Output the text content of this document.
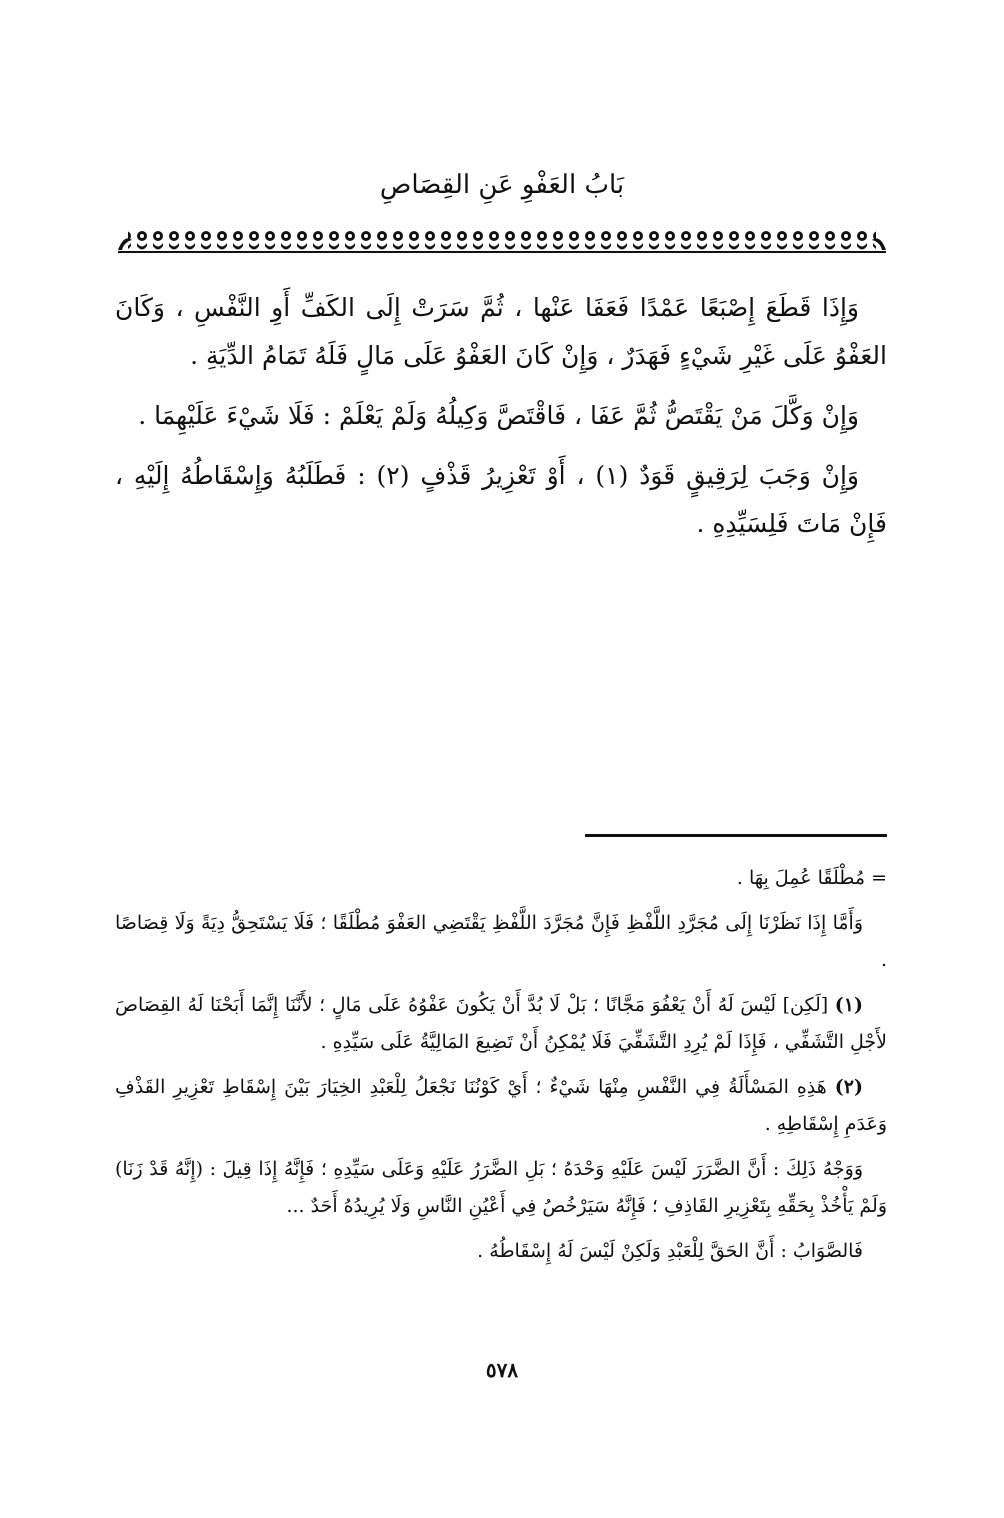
بَابُ العَفْوِ عَنِ القِصَاصِ

وَإِذَا قَطَعَ إِصْبَعًا عَمْدًا فَعَفَا عَنْها ، ثُمَّ سَرَتْ إِلَى الكَفِّ أَوِ النَّفْسِ ، وَكَانَ العَفْوُ عَلَى غَيْرِ شَيْءٍ فَهَدَرٌ ، وَإِنْ كَانَ العَفْوُ عَلَى مَالٍ فَلَهُ تَمَامُ الدِّيَةِ .

وَإِنْ وَكَّلَ مَنْ يَقْتَصُّ ثُمَّ عَفَا ، فَاقْتَصَّ وَكِيلُهُ وَلَمْ يَعْلَمْ : فَلَا شَيْءَ عَلَيْهِمَا .

وَإِنْ وَجَبَ لِرَقِيقٍ قَوَدٌ (١) ، أَوْ تَعْزِيرُ قَذْفٍ (٢) : فَطَلَبُهُ وَإِسْقَاطُهُ إِلَيْهِ ، فَإِنْ مَاتَ فَلِسَيِّدِهِ .

= مُطْلَقًا عُمِلَ بِهَا .

وَأَمَّا إِذَا نَظَرْنَا إِلَى مُجَرَّدِ اللَّفْظِ فَإِنَّ مُجَرَّدَ اللَّفْظِ يَقْتَضِي العَفْوَ مُطْلَقًا ؛ فَلَا يَسْتَحِقُّ دِيَةً وَلَا قِصَاصًا .

(١) [لَكِن] لَيْسَ لَهُ أَنْ يَعْفُوَ مَجَّانًا ؛ بَلْ لَا بُدَّ أَنْ يَكُونَ عَفْوُهُ عَلَى مَالٍ ؛ لأَنَّنَا إِنَّمَا أَبَحْنَا لَهُ القِصَاصَ لأَجْلِ التَّشَفِّي ، فَإِذَا لَمْ يُرِدِ التَّشَفِّيَ فَلَا يُمْكِنُ أَنْ تَضِيعَ المَالِيَّةُ عَلَى سَيِّدِهِ .

(٢) هَذِهِ المَسْأَلَةُ فِي النَّفْسِ مِنْهَا شَيْءٌ ؛ أَيْ كَوْنُنَا نَجْعَلُ لِلْعَبْدِ الخِيَارَ بَيْنَ إِسْقَاطِ تَعْزِيرِ القَذْفِ وَعَدَمِ إِسْقَاطِهِ .

وَوَجْهُ ذَلِكَ : أَنَّ الضَّرَرَ لَيْسَ عَلَيْهِ وَحْدَهُ ؛ بَلِ الضَّرَرُ عَلَيْهِ وَعَلَى سَيِّدِهِ ؛ فَإِنَّهُ إِذَا قِيلَ : (إِنَّهُ قَدْ زَنَا) وَلَمْ يَأْخُذْ بِحَقِّهِ بِتَعْزِيرِ القَاذِفِ ؛ فَإِنَّهُ سَيَرْخُصُ فِي أَعْيُنِ النَّاسِ وَلَا يُرِيدُهُ أَحَدٌ ...

فَالصَّوَابُ : أَنَّ الحَقَّ لِلْعَبْدِ وَلَكِنْ لَيْسَ لَهُ إِسْقَاطُهُ .

٥٧٨
